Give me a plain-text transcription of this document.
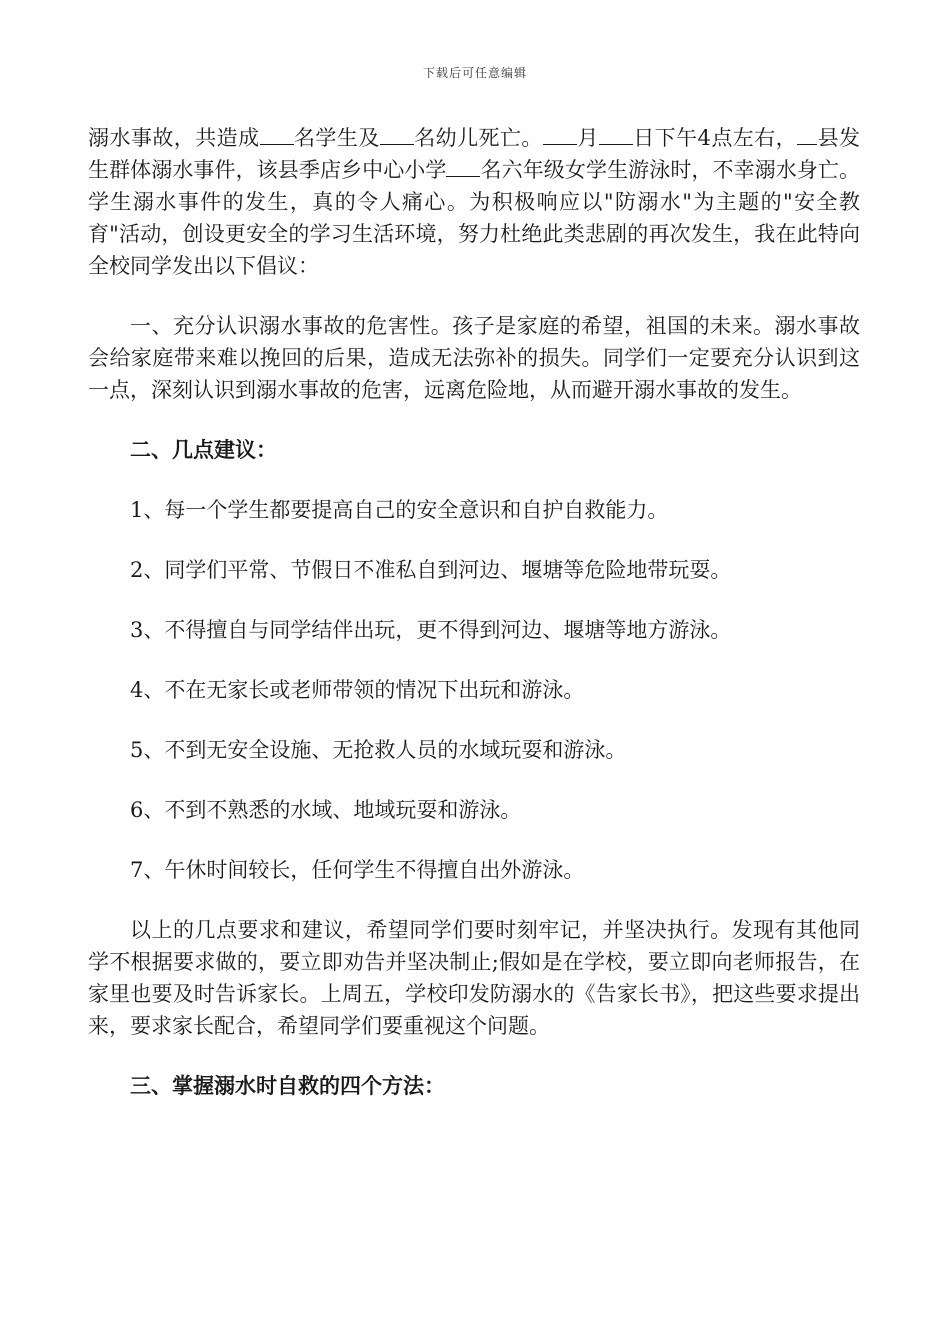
下载后可任意编辑

溺水事故，共造成 名学生及 名幼儿死亡。 月 日下午4点左右， 县发生群体溺水事件，该县季店乡中心小学 名六年级女学生游泳时，不幸溺水身亡。学生溺水事件的发生，真的令人痛心。为积极响应以"防溺水"为主题的"安全教育"活动，创设更安全的学习生活环境，努力杜绝此类悲剧的再次发生，我在此特向全校同学发出以下倡议：

一、充分认识溺水事故的危害性。孩子是家庭的希望，祖国的未来。溺水事故会给家庭带来难以挽回的后果，造成无法弥补的损失。同学们一定要充分认识到这一点，深刻认识到溺水事故的危害，远离危险地，从而避开溺水事故的发生。

二、几点建议：

1、每一个学生都要提高自己的安全意识和自护自救能力。

2、同学们平常、节假日不准私自到河边、堰塘等危险地带玩耍。

3、不得擅自与同学结伴出玩，更不得到河边、堰塘等地方游泳。

4、不在无家长或老师带领的情况下出玩和游泳。

5、不到无安全设施、无抢救人员的水域玩耍和游泳。

6、不到不熟悉的水域、地域玩耍和游泳。

7、午休时间较长，任何学生不得擅自出外游泳。

以上的几点要求和建议，希望同学们要时刻牢记，并坚决执行。发现有其他同学不根据要求做的，要立即劝告并坚决制止;假如是在学校，要立即向老师报告，在家里也要及时告诉家长。上周五，学校印发防溺水的《告家长书》，把这些要求提出来，要求家长配合，希望同学们要重视这个问题。

三、掌握溺水时自救的四个方法：
